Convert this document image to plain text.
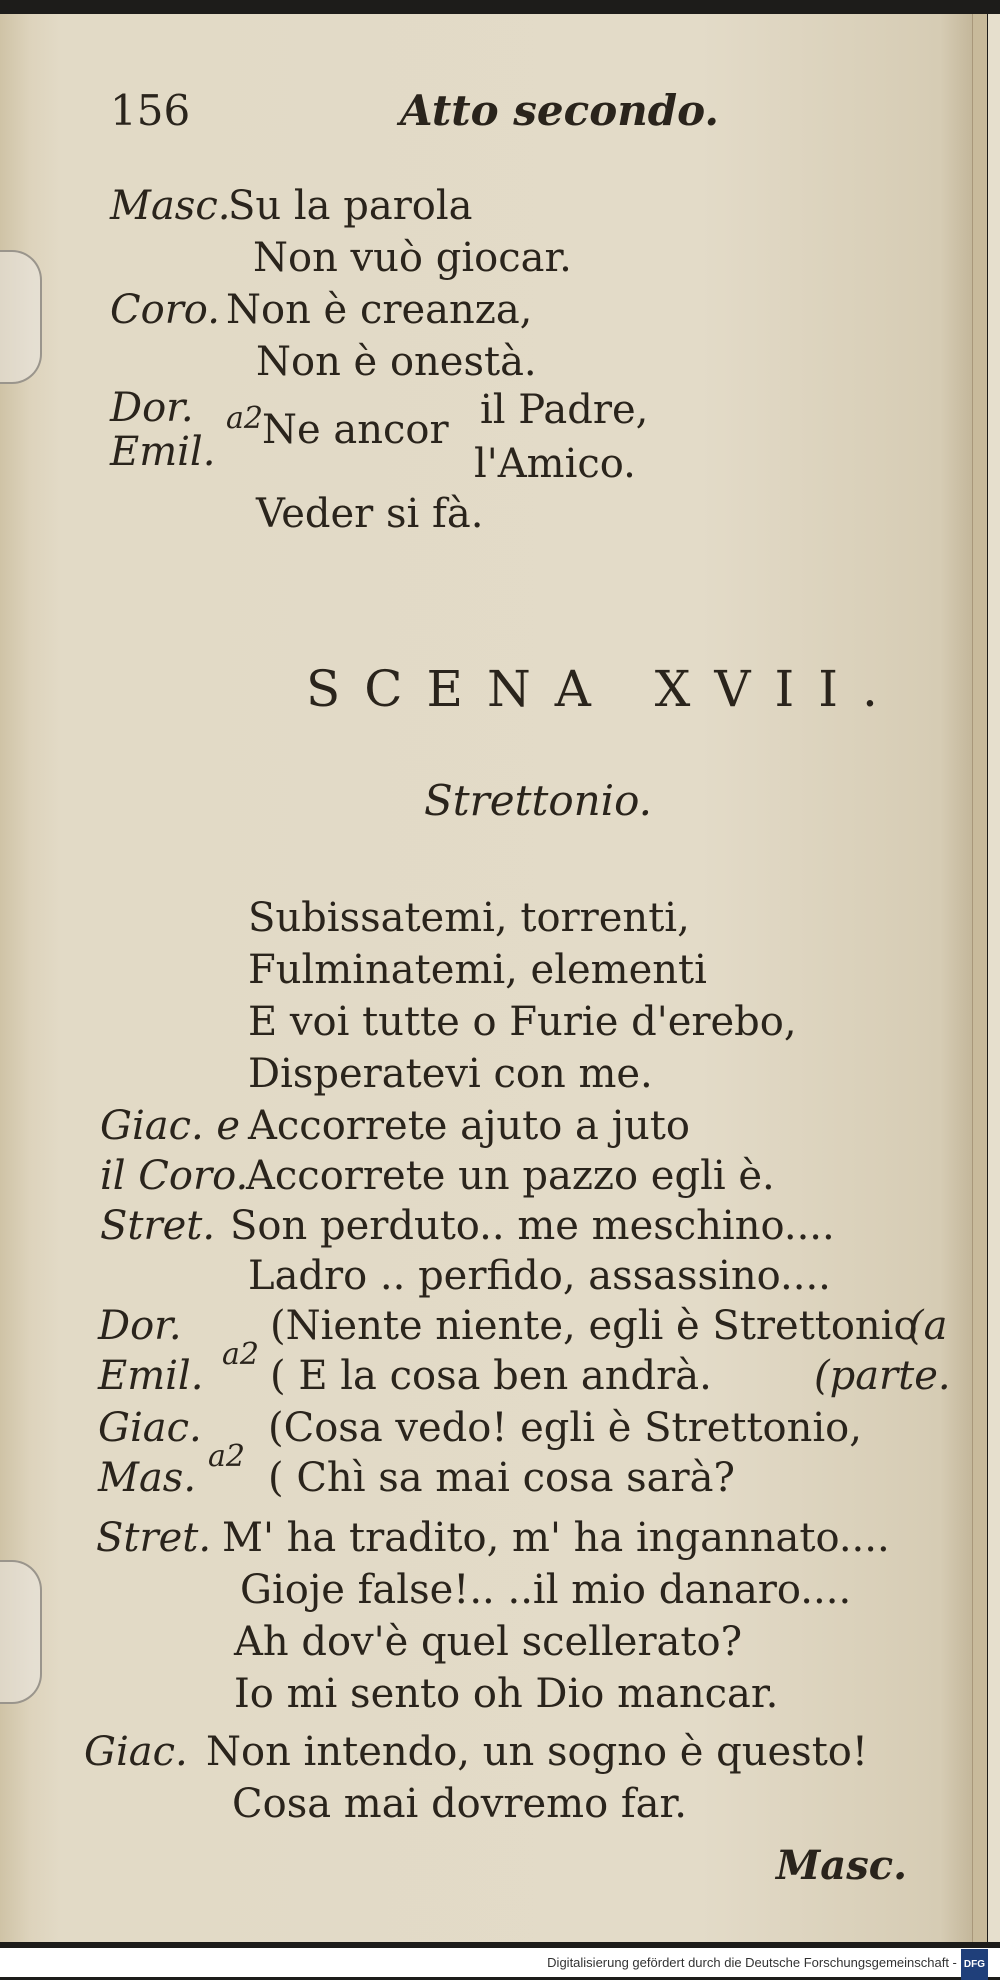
156	Atto secondo.
Masc.
Su la parola
Non vuò giocar.
Coro. Non è creanza,
Non è onestà.
Dor.
Emil.
a2 Ne ancor il Padre,
l'Amico.
Veder si fà.
SCENA XVII.
Strettonio.
Subissatemi, torrenti,
Fulminatemi, elementi
E voi tutte o Furie d'erebo,
Disperatevi con me.
Giac. e Accorrete ajuto a juto
il Coro.
Accorrete un pazzo egli è.
Stret. Son perduto.. me meschino....
Ladro .. perfido, assassino....
Dor. (Niente niente, egli è Strettonio
(a
Emil. a2 ( E la cosa ben andrà.	(parte.
Giac. (Cosa vedo! egli è Strettonio,
Mas. a2 ( Chì sa mai cosa sarà?
Stret. M' ha tradito, m' ha ingannato....
Gioje false!.. ..il mio danaro....
Ah dov'è quel scellerato?
Io mi sento oh Dio mancar.
Giac. Non intendo, un sogno è questo!
Cosa mai dovremo far.
Masc.
Digitalisierung gefördert durch die Deutsche Forschungsgemeinschaft - DFG
